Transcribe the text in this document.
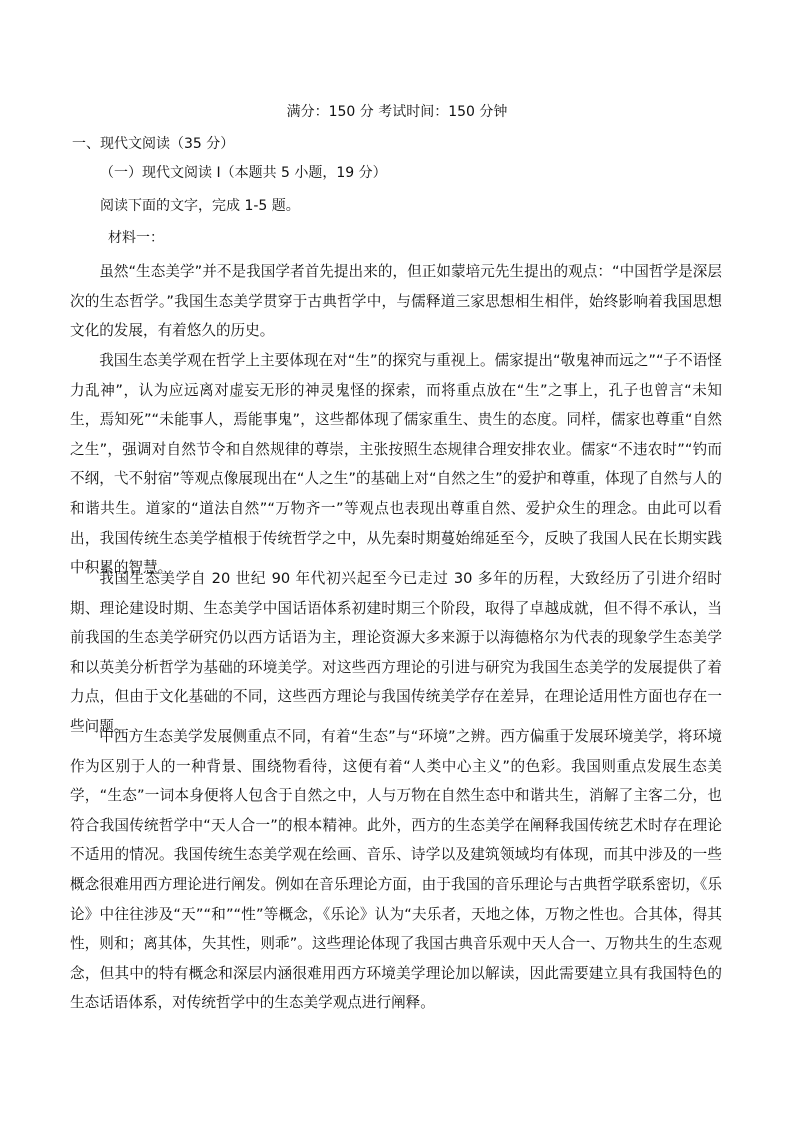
满分：150 分 考试时间：150 分钟
一、现代文阅读（35 分）
（一）现代文阅读 I（本题共 5 小题，19 分）
阅读下面的文字，完成 1-5 题。
材料一：

虽然“生态美学”并不是我国学者首先提出来的，但正如蒙培元先生提出的观点：“中国哲学是深层次的生态哲学。”我国生态美学贯穿于古典哲学中，与儒释道三家思想相生相伴，始终影响着我国思想文化的发展，有着悠久的历史。

我国生态美学观在哲学上主要体现在对“生”的探究与重视上。儒家提出“敬鬼神而远之”“子不语怪力乱神”，认为应远离对虚妄无形的神灵鬼怪的探索，而将重点放在“生”之事上，孔子也曾言“未知生，焉知死”“未能事人，焉能事鬼”，这些都体现了儒家重生、贵生的态度。同样，儒家也尊重“自然之生”，强调对自然节令和自然规律的尊崇，主张按照生态规律合理安排农业。儒家“不违农时”“钓而不纲，弋不射宿”等观点像展现出在“人之生”的基础上对“自然之生”的爱护和尊重，体现了自然与人的和谐共生。道家的“道法自然”“万物齐一”等观点也表现出尊重自然、爱护众生的理念。由此可以看出，我国传统生态美学植根于传统哲学之中，从先秦时期蔓始绵延至今，反映了我国人民在长期实践中积累的智慧。

我国生态美学自 20 世纪 90 年代初兴起至今已走过 30 多年的历程，大致经历了引进介绍时期、理论建设时期、生态美学中国话语体系初建时期三个阶段，取得了卓越成就，但不得不承认，当前我国的生态美学研究仍以西方话语为主，理论资源大多来源于以海德格尔为代表的现象学生态美学和以英美分析哲学为基础的环境美学。对这些西方理论的引进与研究为我国生态美学的发展提供了着力点，但由于文化基础的不同，这些西方理论与我国传统美学存在差异，在理论适用性方面也存在一些问题。

中西方生态美学发展侧重点不同，有着“生态”与“环境”之辨。西方偏重于发展环境美学，将环境作为区别于人的一种背景、围绕物看待，这便有着“人类中心主义”的色彩。我国则重点发展生态美学，“生态”一词本身便将人包含于自然之中，人与万物在自然生态中和谐共生，消解了主客二分，也符合我国传统哲学中“天人合一”的根本精神。此外，西方的生态美学在阐释我国传统艺术时存在理论不适用的情况。我国传统生态美学观在绘画、音乐、诗学以及建筑领域均有体现，而其中涉及的一些概念很难用西方理论进行阐发。例如在音乐理论方面，由于我国的音乐理论与古典哲学联系密切，《乐论》中往往涉及“天”“和”“性”等概念，《乐论》认为“夫乐者，天地之体，万物之性也。合其体，得其性，则和；离其体，失其性，则乖”。这些理论体现了我国古典音乐观中天人合一、万物共生的生态观念，但其中的特有概念和深层内涵很难用西方环境美学理论加以解读，因此需要建立具有我国特色的生态话语体系，对传统哲学中的生态美学观点进行阐释。
